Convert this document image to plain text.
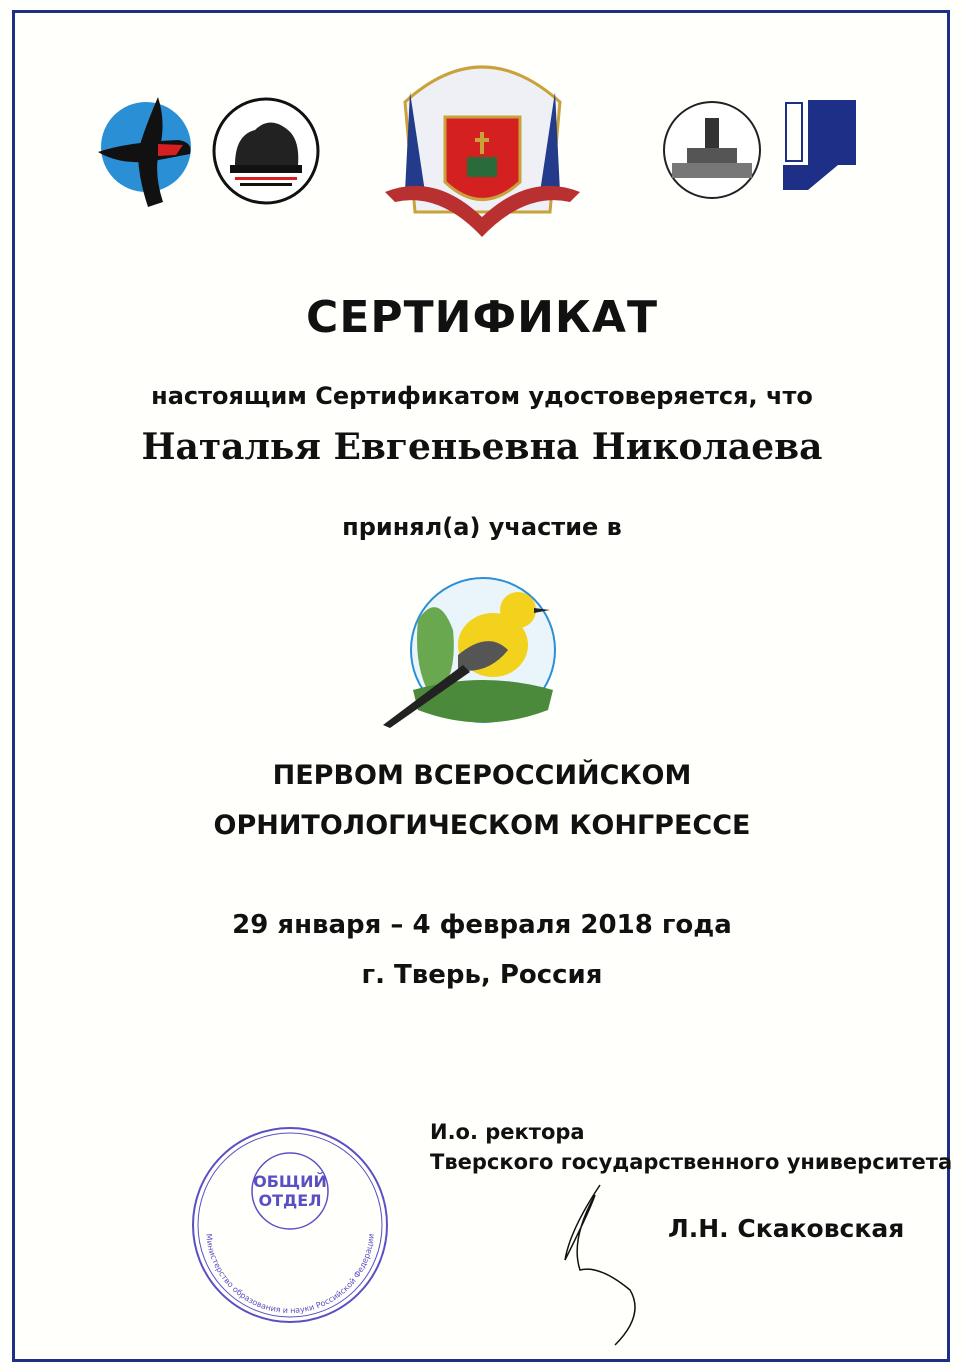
СЕРТИФИКАТ
настоящим Сертификатом удостоверяется, что
Наталья Евгеньевна Николаева
принял(а) участие в
ПЕРВОМ ВСЕРОССИЙСКОМ
ОРНИТОЛОГИЧЕСКОМ КОНГРЕССЕ
29 января – 4 февраля 2018 года
г. Тверь, Россия
ОБЩИЙ
ОТДЕЛ
Министерство образования и науки Российской Федерации
И.о. ректора
Тверского государственного университета
Л.Н. Скаковская
